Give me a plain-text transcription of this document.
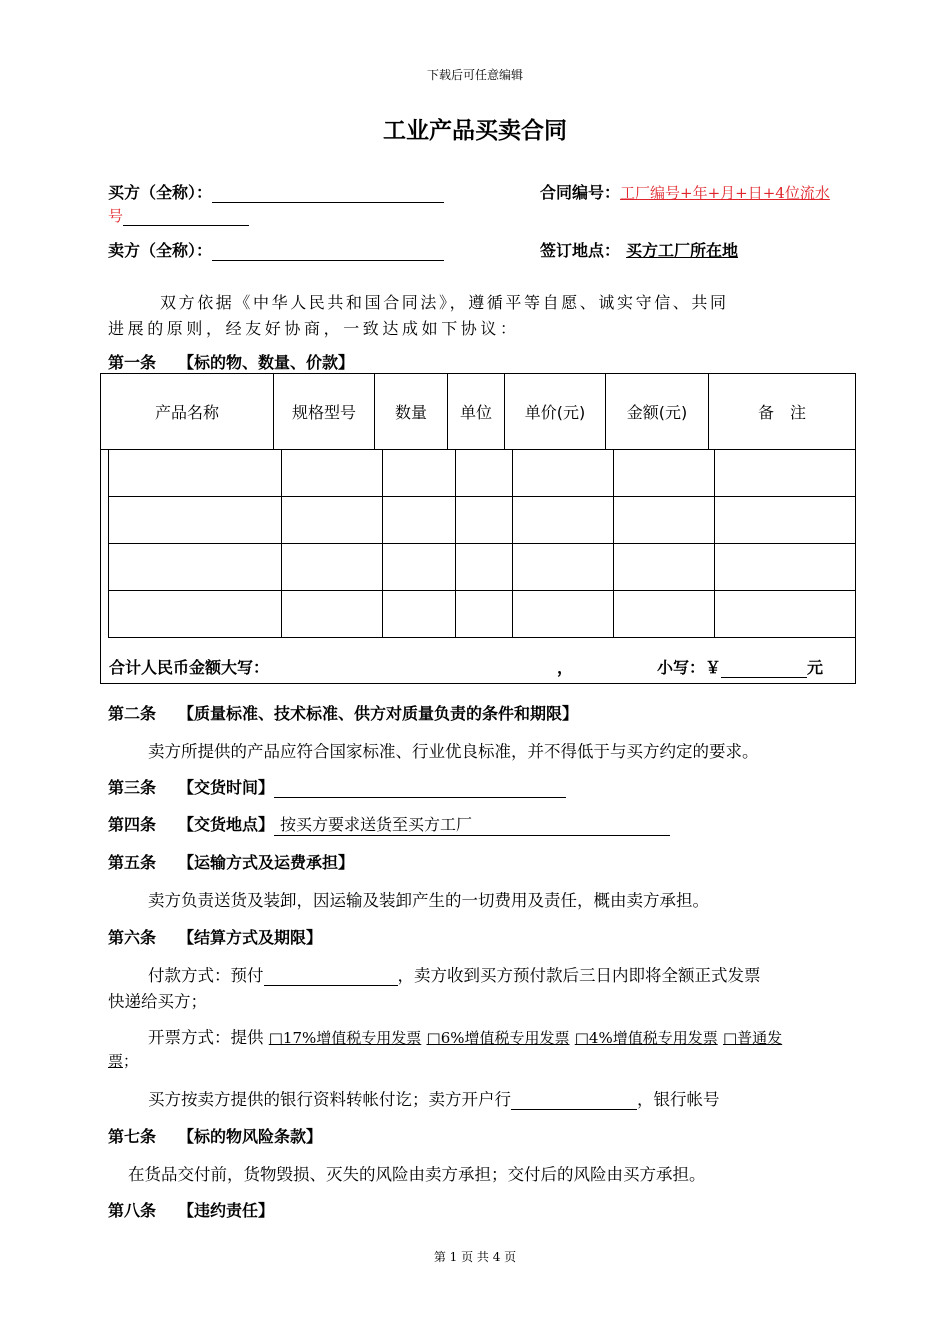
下载后可任意编辑
工业产品买卖合同
买方（全称）：	合同编号：工厂编号+年+月+日+4位流水
号
卖方（全称）：	签订地点： 买方工厂所在地
双方依据《中华人民共和国合同法》，遵循平等自愿、诚实守信、共同
进展的原则，经友好协商，一致达成如下协议：
第一条 【标的物、数量、价款】
产品名称	规格型号	数量	单位	单价(元)	金额(元)	备　注

合计人民币金额大写：	，	小写：￥	元
第二条 【质量标准、技术标准、供方对质量负责的条件和期限】
卖方所提供的产品应符合国家标准、行业优良标准，并不得低于与买方约定的要求。
第三条 【交货时间】
第四条 【交货地点】 按买方要求送货至买方工厂
第五条 【运输方式及运费承担】
卖方负责送货及装卸，因运输及装卸产生的一切费用及责任，概由卖方承担。
第六条 【结算方式及期限】
付款方式：预付	，卖方收到买方预付款后三日内即将全额正式发票
快递给买方；
开票方式：提供 □17%增值税专用发票 □6%增值税专用发票 □4%增值税专用发票 □普通发
票；
买方按卖方提供的银行资料转帐付讫；卖方开户行	，银行帐号
第七条 【标的物风险条款】
在货品交付前，货物毁损、灭失的风险由卖方承担；交付后的风险由买方承担。
第八条 【违约责任】
第 1 页 共 4 页
